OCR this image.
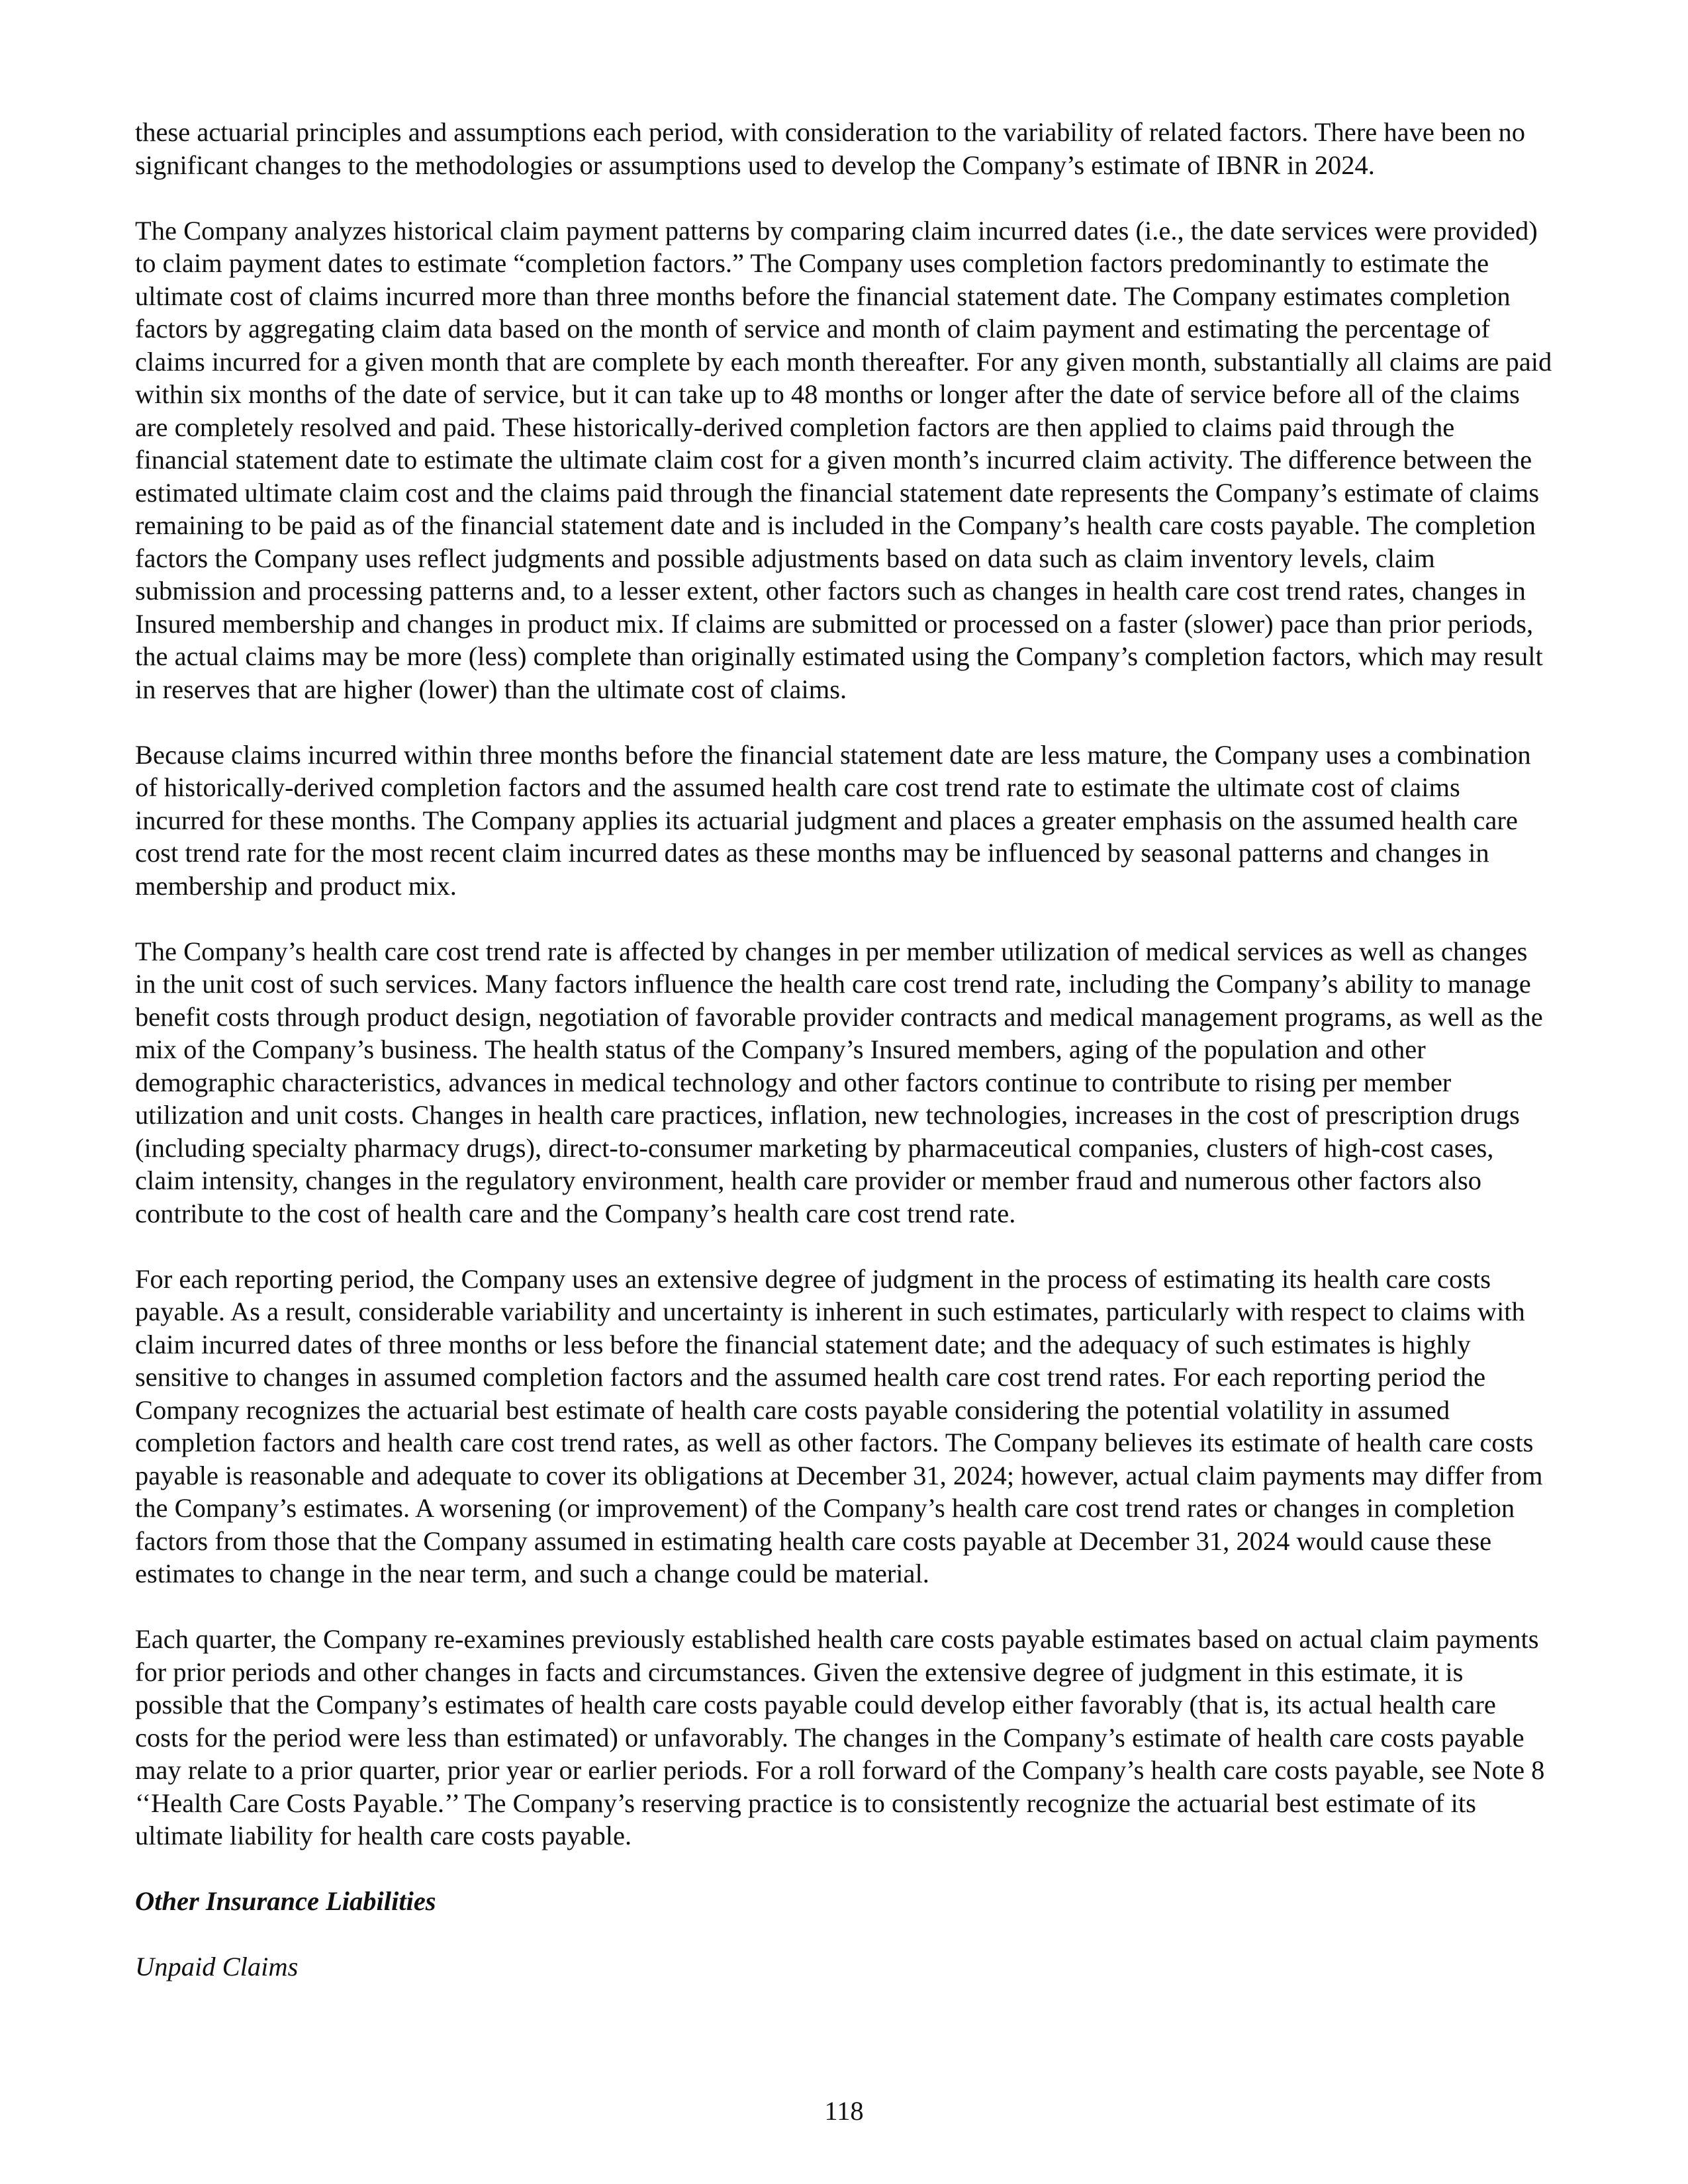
these actuarial principles and assumptions each period, with consideration to the variability of related factors. There have been no significant changes to the methodologies or assumptions used to develop the Company’s estimate of IBNR in 2024.

The Company analyzes historical claim payment patterns by comparing claim incurred dates (i.e., the date services were provided) to claim payment dates to estimate “completion factors.” The Company uses completion factors predominantly to estimate the ultimate cost of claims incurred more than three months before the financial statement date. The Company estimates completion factors by aggregating claim data based on the month of service and month of claim payment and estimating the percentage of claims incurred for a given month that are complete by each month thereafter. For any given month, substantially all claims are paid within six months of the date of service, but it can take up to 48 months or longer after the date of service before all of the claims are completely resolved and paid. These historically-derived completion factors are then applied to claims paid through the financial statement date to estimate the ultimate claim cost for a given month’s incurred claim activity. The difference between the estimated ultimate claim cost and the claims paid through the financial statement date represents the Company’s estimate of claims remaining to be paid as of the financial statement date and is included in the Company’s health care costs payable. The completion factors the Company uses reflect judgments and possible adjustments based on data such as claim inventory levels, claim submission and processing patterns and, to a lesser extent, other factors such as changes in health care cost trend rates, changes in Insured membership and changes in product mix. If claims are submitted or processed on a faster (slower) pace than prior periods, the actual claims may be more (less) complete than originally estimated using the Company’s completion factors, which may result in reserves that are higher (lower) than the ultimate cost of claims.

Because claims incurred within three months before the financial statement date are less mature, the Company uses a combination of historically-derived completion factors and the assumed health care cost trend rate to estimate the ultimate cost of claims incurred for these months. The Company applies its actuarial judgment and places a greater emphasis on the assumed health care cost trend rate for the most recent claim incurred dates as these months may be influenced by seasonal patterns and changes in membership and product mix.

The Company’s health care cost trend rate is affected by changes in per member utilization of medical services as well as changes in the unit cost of such services. Many factors influence the health care cost trend rate, including the Company’s ability to manage benefit costs through product design, negotiation of favorable provider contracts and medical management programs, as well as the mix of the Company’s business. The health status of the Company’s Insured members, aging of the population and other demographic characteristics, advances in medical technology and other factors continue to contribute to rising per member utilization and unit costs. Changes in health care practices, inflation, new technologies, increases in the cost of prescription drugs (including specialty pharmacy drugs), direct-to-consumer marketing by pharmaceutical companies, clusters of high-cost cases, claim intensity, changes in the regulatory environment, health care provider or member fraud and numerous other factors also contribute to the cost of health care and the Company’s health care cost trend rate.

For each reporting period, the Company uses an extensive degree of judgment in the process of estimating its health care costs payable. As a result, considerable variability and uncertainty is inherent in such estimates, particularly with respect to claims with claim incurred dates of three months or less before the financial statement date; and the adequacy of such estimates is highly sensitive to changes in assumed completion factors and the assumed health care cost trend rates. For each reporting period the Company recognizes the actuarial best estimate of health care costs payable considering the potential volatility in assumed completion factors and health care cost trend rates, as well as other factors. The Company believes its estimate of health care costs payable is reasonable and adequate to cover its obligations at December 31, 2024; however, actual claim payments may differ from the Company’s estimates. A worsening (or improvement) of the Company’s health care cost trend rates or changes in completion factors from those that the Company assumed in estimating health care costs payable at December 31, 2024 would cause these estimates to change in the near term, and such a change could be material.

Each quarter, the Company re-examines previously established health care costs payable estimates based on actual claim payments for prior periods and other changes in facts and circumstances. Given the extensive degree of judgment in this estimate, it is possible that the Company’s estimates of health care costs payable could develop either favorably (that is, its actual health care costs for the period were less than estimated) or unfavorably. The changes in the Company’s estimate of health care costs payable may relate to a prior quarter, prior year or earlier periods. For a roll forward of the Company’s health care costs payable, see Note 8 ‘‘Health Care Costs Payable.’’ The Company’s reserving practice is to consistently recognize the actuarial best estimate of its ultimate liability for health care costs payable.

Other Insurance Liabilities

Unpaid Claims

118
